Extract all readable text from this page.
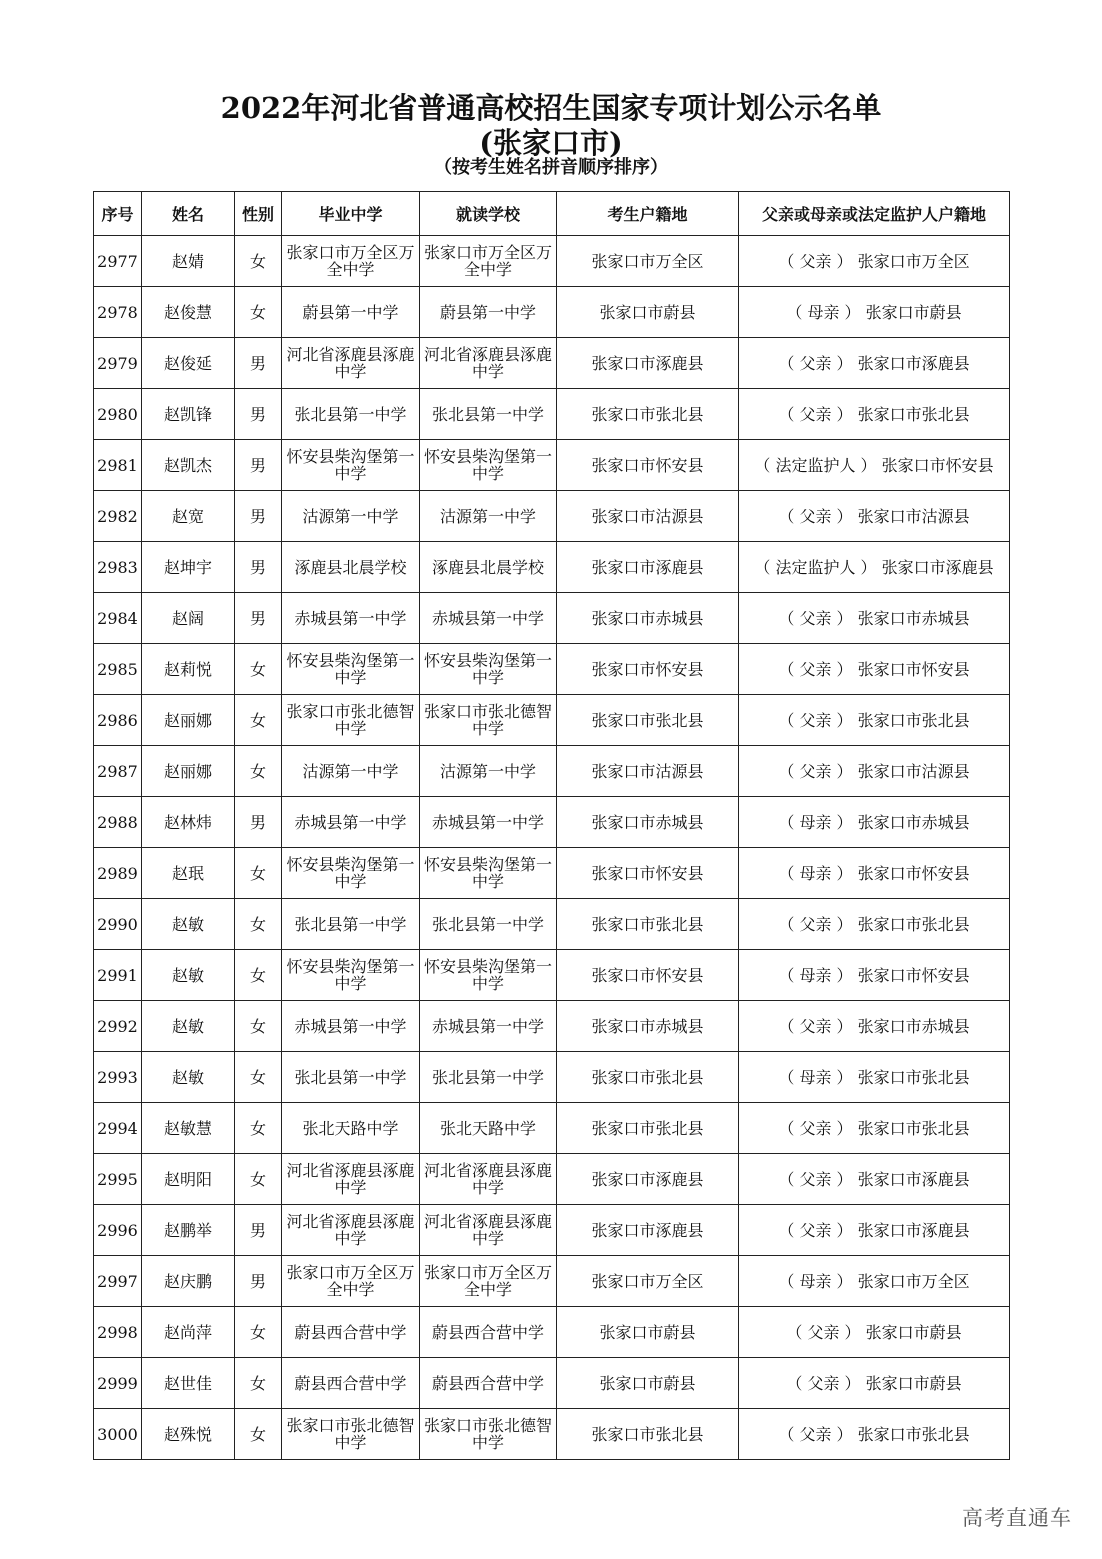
2022年河北省普通高校招生国家专项计划公示名单
(张家口市)
（按考生姓名拼音顺序排序）
序号	姓名	性别	毕业中学	就读学校	考生户籍地	父亲或母亲或法定监护人户籍地
2977	赵婧	女	张家口市万全区万全中学	张家口市万全区万全中学	张家口市万全区	（ 父亲 ） 张家口市万全区
2978	赵俊慧	女	蔚县第一中学	蔚县第一中学	张家口市蔚县	（ 母亲 ） 张家口市蔚县
2979	赵俊延	男	河北省涿鹿县涿鹿中学	河北省涿鹿县涿鹿中学	张家口市涿鹿县	（ 父亲 ） 张家口市涿鹿县
2980	赵凯锋	男	张北县第一中学	张北县第一中学	张家口市张北县	（ 父亲 ） 张家口市张北县
2981	赵凯杰	男	怀安县柴沟堡第一中学	怀安县柴沟堡第一中学	张家口市怀安县	（ 法定监护人 ） 张家口市怀安县
2982	赵宽	男	沽源第一中学	沽源第一中学	张家口市沽源县	（ 父亲 ） 张家口市沽源县
2983	赵坤宇	男	涿鹿县北晨学校	涿鹿县北晨学校	张家口市涿鹿县	（ 法定监护人 ） 张家口市涿鹿县
2984	赵阔	男	赤城县第一中学	赤城县第一中学	张家口市赤城县	（ 父亲 ） 张家口市赤城县
2985	赵莉悦	女	怀安县柴沟堡第一中学	怀安县柴沟堡第一中学	张家口市怀安县	（ 父亲 ） 张家口市怀安县
2986	赵丽娜	女	张家口市张北德智中学	张家口市张北德智中学	张家口市张北县	（ 父亲 ） 张家口市张北县
2987	赵丽娜	女	沽源第一中学	沽源第一中学	张家口市沽源县	（ 父亲 ） 张家口市沽源县
2988	赵林炜	男	赤城县第一中学	赤城县第一中学	张家口市赤城县	（ 母亲 ） 张家口市赤城县
2989	赵珉	女	怀安县柴沟堡第一中学	怀安县柴沟堡第一中学	张家口市怀安县	（ 母亲 ） 张家口市怀安县
2990	赵敏	女	张北县第一中学	张北县第一中学	张家口市张北县	（ 父亲 ） 张家口市张北县
2991	赵敏	女	怀安县柴沟堡第一中学	怀安县柴沟堡第一中学	张家口市怀安县	（ 母亲 ） 张家口市怀安县
2992	赵敏	女	赤城县第一中学	赤城县第一中学	张家口市赤城县	（ 父亲 ） 张家口市赤城县
2993	赵敏	女	张北县第一中学	张北县第一中学	张家口市张北县	（ 母亲 ） 张家口市张北县
2994	赵敏慧	女	张北天路中学	张北天路中学	张家口市张北县	（ 父亲 ） 张家口市张北县
2995	赵明阳	女	河北省涿鹿县涿鹿中学	河北省涿鹿县涿鹿中学	张家口市涿鹿县	（ 父亲 ） 张家口市涿鹿县
2996	赵鹏举	男	河北省涿鹿县涿鹿中学	河北省涿鹿县涿鹿中学	张家口市涿鹿县	（ 父亲 ） 张家口市涿鹿县
2997	赵庆鹏	男	张家口市万全区万全中学	张家口市万全区万全中学	张家口市万全区	（ 母亲 ） 张家口市万全区
2998	赵尚萍	女	蔚县西合营中学	蔚县西合营中学	张家口市蔚县	（ 父亲 ） 张家口市蔚县
2999	赵世佳	女	蔚县西合营中学	蔚县西合营中学	张家口市蔚县	（ 父亲 ） 张家口市蔚县
3000	赵殊悦	女	张家口市张北德智中学	张家口市张北德智中学	张家口市张北县	（ 父亲 ） 张家口市张北县
高考直通车
